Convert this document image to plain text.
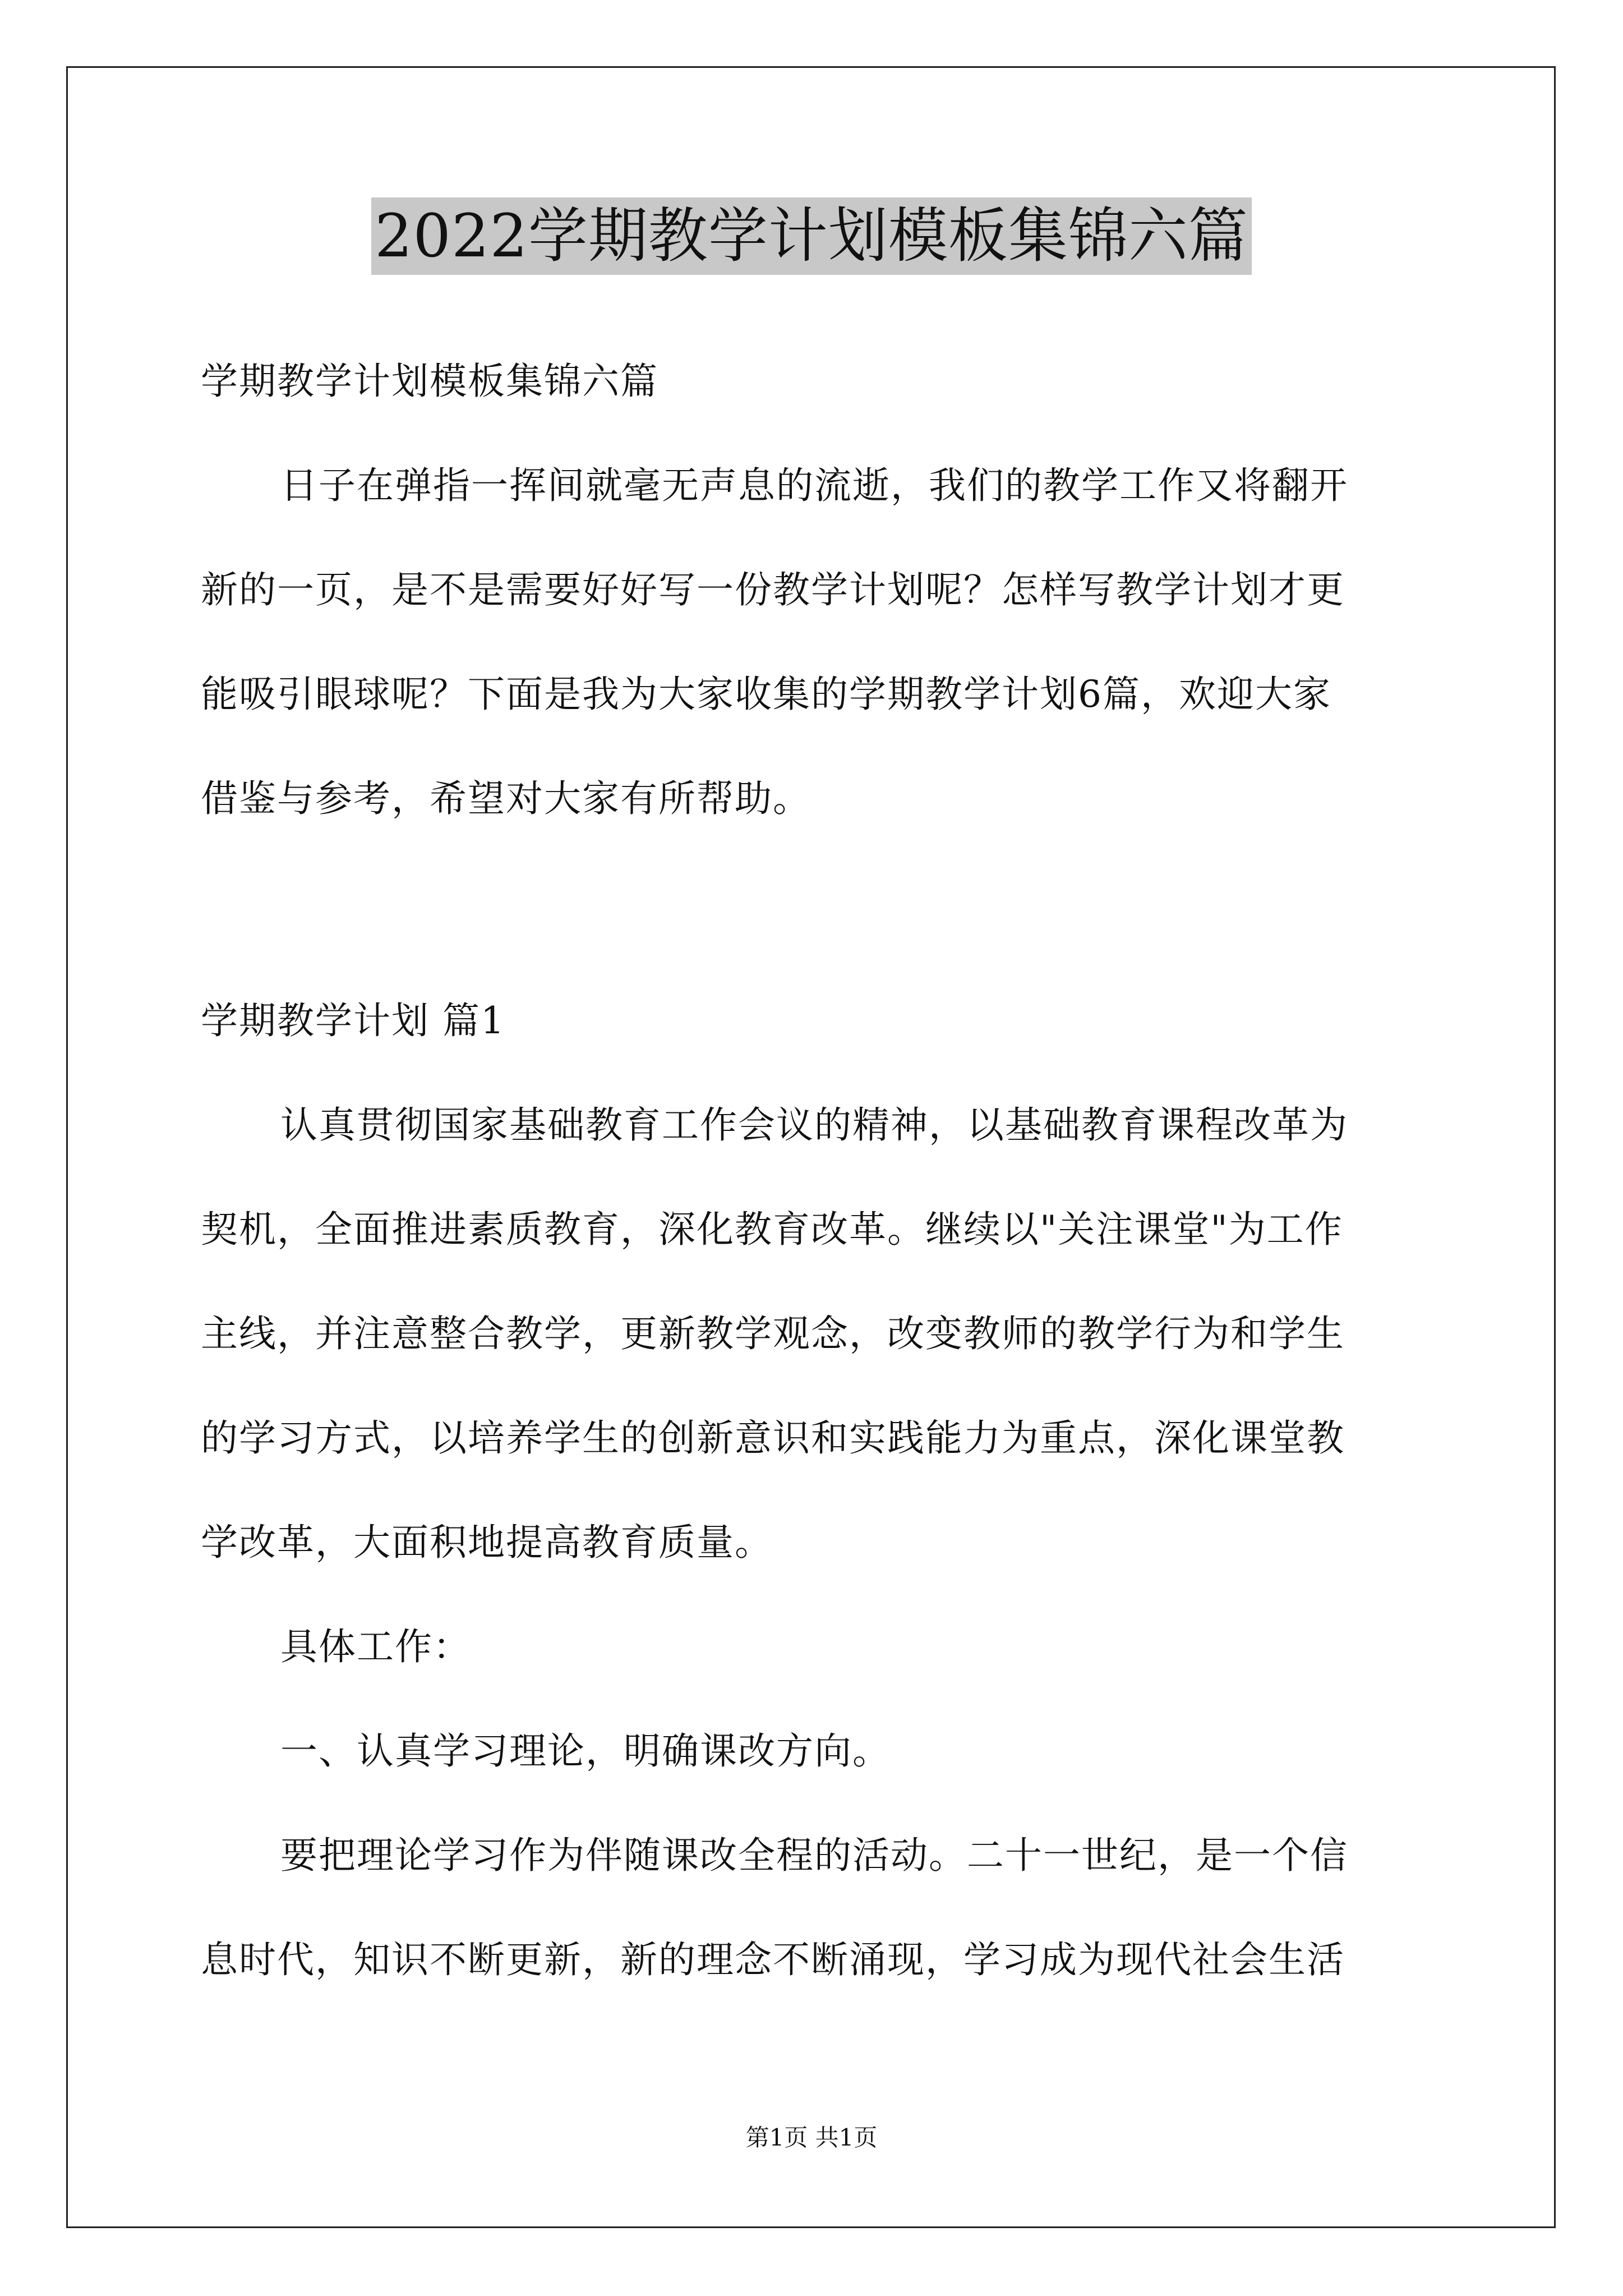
2022学期教学计划模板集锦六篇
学期教学计划模板集锦六篇
日子在弹指一挥间就毫无声息的流逝，我们的教学工作又将翻开
新的一页，是不是需要好好写一份教学计划呢？怎样写教学计划才更
能吸引眼球呢？下面是我为大家收集的学期教学计划6篇，欢迎大家
借鉴与参考，希望对大家有所帮助。
学期教学计划 篇1
认真贯彻国家基础教育工作会议的精神，以基础教育课程改革为
契机，全面推进素质教育，深化教育改革。继续以"关注课堂"为工作
主线，并注意整合教学，更新教学观念，改变教师的教学行为和学生
的学习方式，以培养学生的创新意识和实践能力为重点，深化课堂教
学改革，大面积地提高教育质量。
具体工作：
一、认真学习理论，明确课改方向。
要把理论学习作为伴随课改全程的活动。二十一世纪，是一个信
息时代，知识不断更新，新的理念不断涌现，学习成为现代社会生活
第1页 共1页
